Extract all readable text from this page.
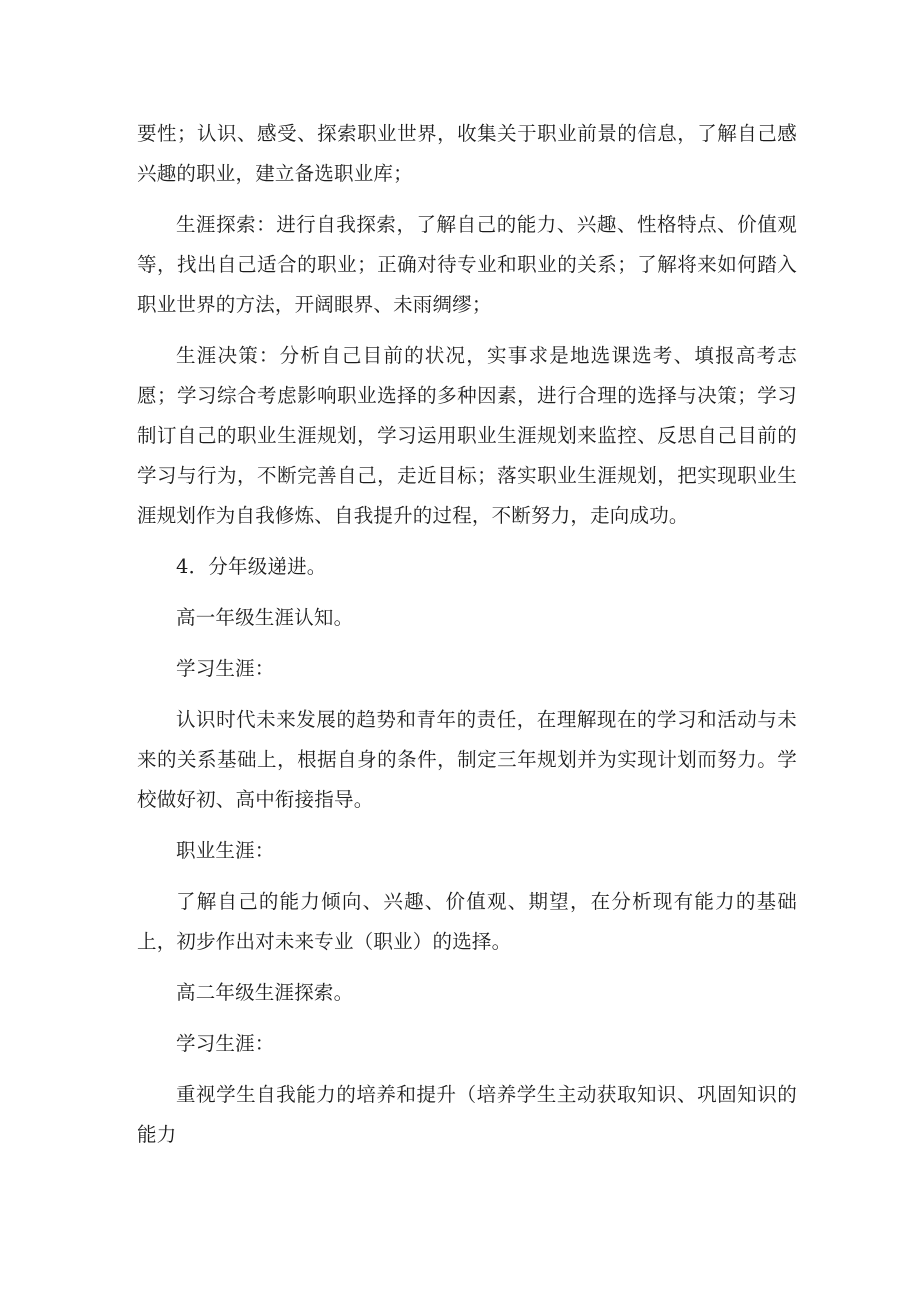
要性；认识、感受、探索职业世界，收集关于职业前景的信息，了解自己感兴趣的职业，建立备选职业库；

生涯探索：进行自我探索，了解自己的能力、兴趣、性格特点、价值观等，找出自己适合的职业；正确对待专业和职业的关系；了解将来如何踏入职业世界的方法，开阔眼界、未雨绸缪；

生涯决策：分析自己目前的状况，实事求是地选课选考、填报高考志愿；学习综合考虑影响职业选择的多种因素，进行合理的选择与决策；学习制订自己的职业生涯规划，学习运用职业生涯规划来监控、反思自己目前的学习与行为，不断完善自己，走近目标；落实职业生涯规划，把实现职业生涯规划作为自我修炼、自我提升的过程，不断努力，走向成功。

4．分年级递进。

高一年级生涯认知。

学习生涯：

认识时代未来发展的趋势和青年的责任，在理解现在的学习和活动与未来的关系基础上，根据自身的条件，制定三年规划并为实现计划而努力。学校做好初、高中衔接指导。

职业生涯：

了解自己的能力倾向、兴趣、价值观、期望，在分析现有能力的基础上，初步作出对未来专业（职业）的选择。

高二年级生涯探索。

学习生涯：

重视学生自我能力的培养和提升（培养学生主动获取知识、巩固知识的能力
